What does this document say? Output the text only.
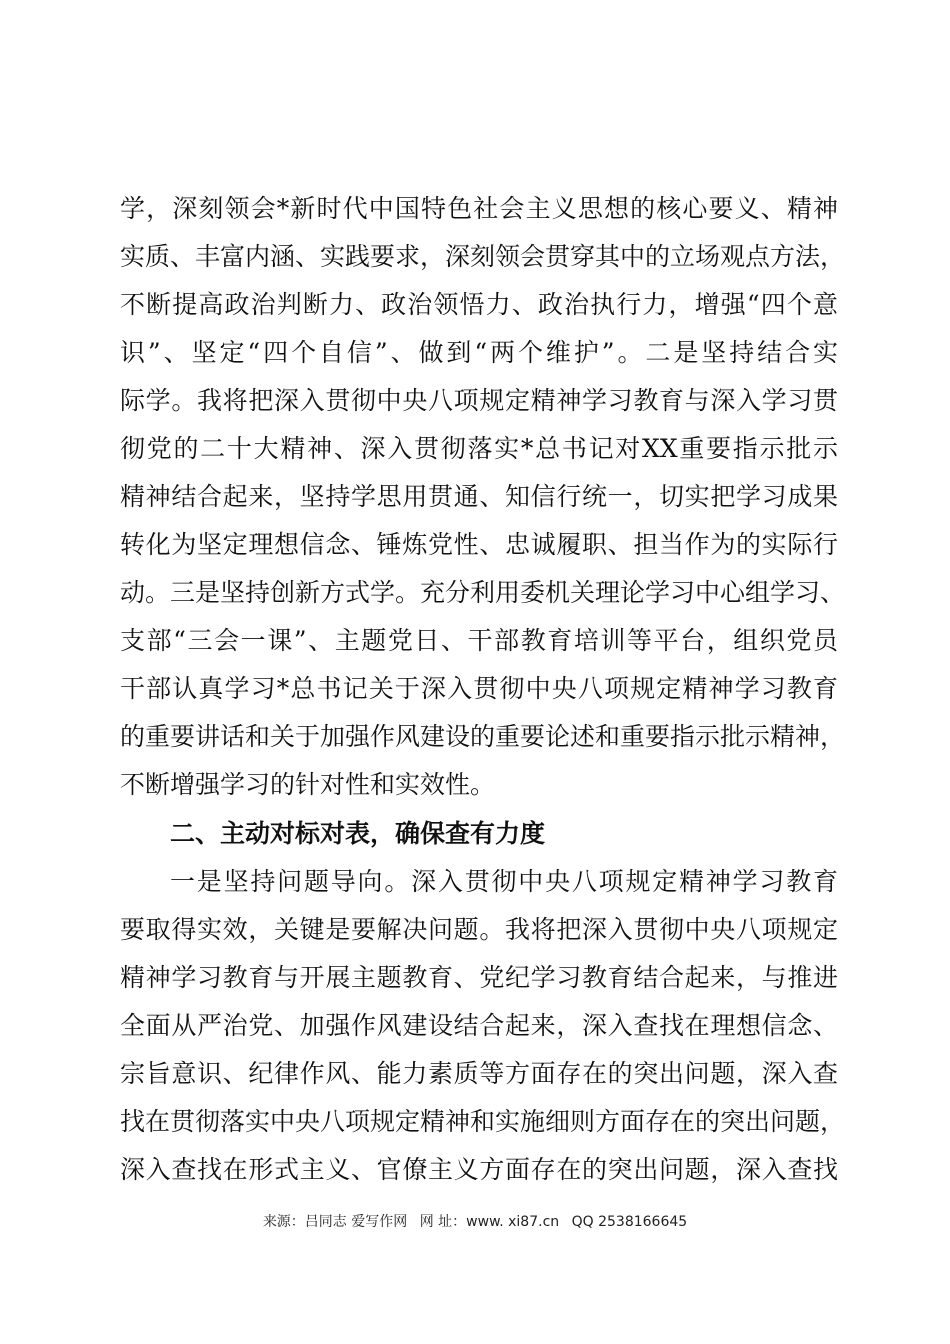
学，深刻领会*新时代中国特色社会主义思想的核心要义、精神
实质、丰富内涵、实践要求，深刻领会贯穿其中的立场观点方法，
不断提高政治判断力、政治领悟力、政治执行力，增强“四个意
识”、坚定“四个自信”、做到“两个维护”。二是坚持结合实
际学。我将把深入贯彻中央八项规定精神学习教育与深入学习贯
彻党的二十大精神、深入贯彻落实*总书记对XX重要指示批示
精神结合起来，坚持学思用贯通、知信行统一，切实把学习成果
转化为坚定理想信念、锤炼党性、忠诚履职、担当作为的实际行
动。三是坚持创新方式学。充分利用委机关理论学习中心组学习、
支部“三会一课”、主题党日、干部教育培训等平台，组织党员
干部认真学习*总书记关于深入贯彻中央八项规定精神学习教育
的重要讲话和关于加强作风建设的重要论述和重要指示批示精神，
不断增强学习的针对性和实效性。
二、主动对标对表，确保查有力度
一是坚持问题导向。深入贯彻中央八项规定精神学习教育
要取得实效，关键是要解决问题。我将把深入贯彻中央八项规定
精神学习教育与开展主题教育、党纪学习教育结合起来，与推进
全面从严治党、加强作风建设结合起来，深入查找在理想信念、
宗旨意识、纪律作风、能力素质等方面存在的突出问题，深入查
找在贯彻落实中央八项规定精神和实施细则方面存在的突出问题，
深入查找在形式主义、官僚主义方面存在的突出问题，深入查找
来源：吕同志 爱写作网 网 址：www. xi87.cn QQ 2538166645
